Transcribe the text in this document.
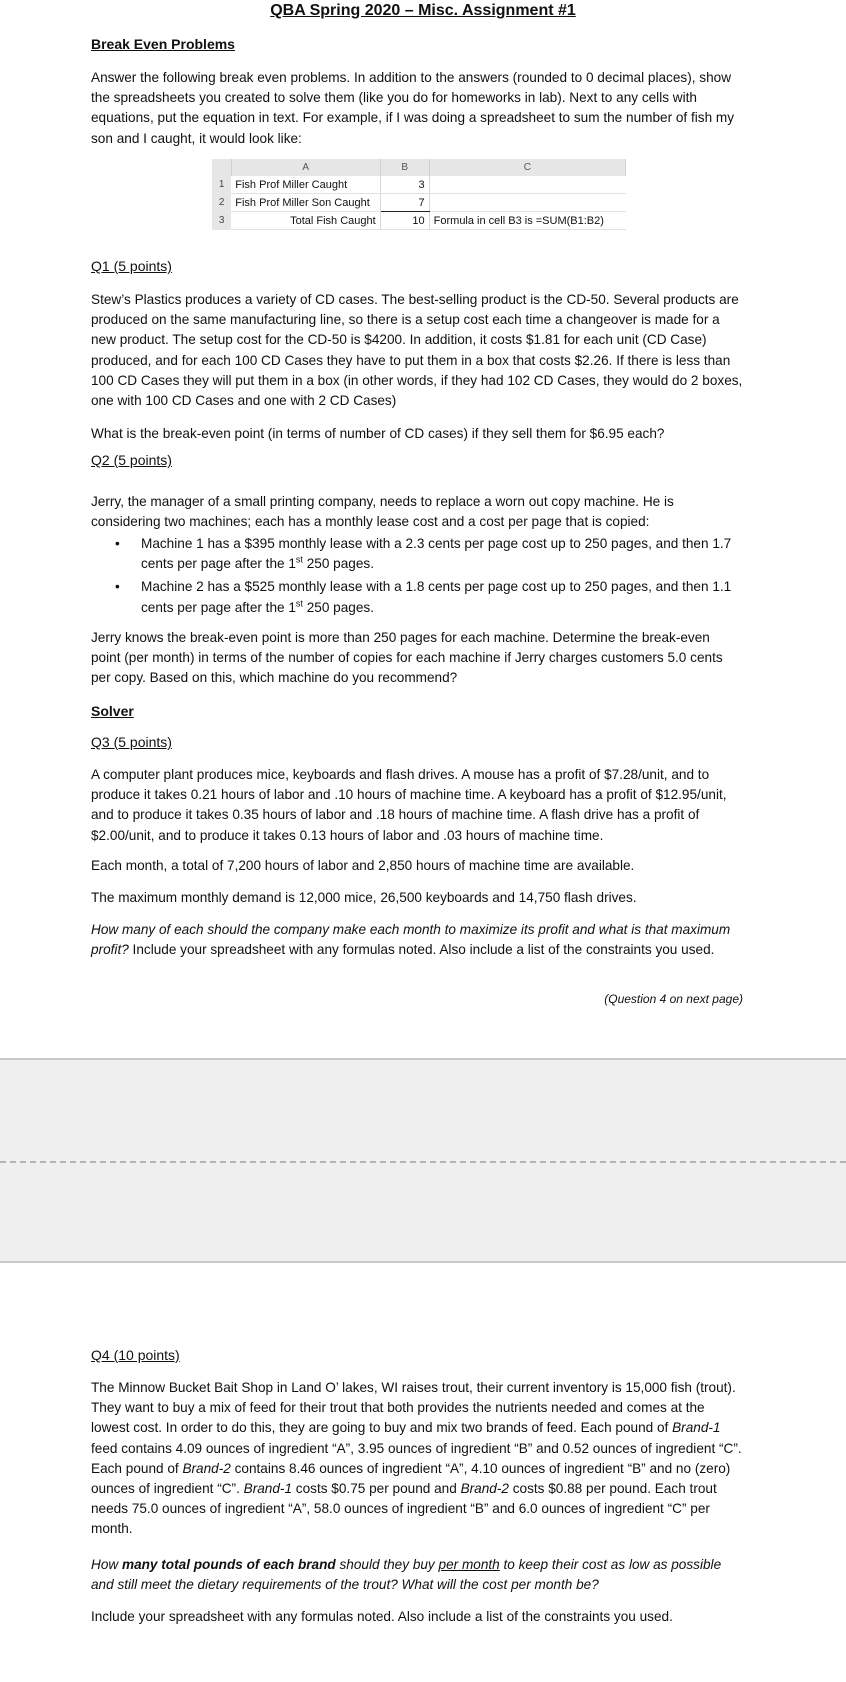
QBA Spring 2020 – Misc. Assignment #1
Break Even Problems

Answer the following break even problems. In addition to the answers (rounded to 0 decimal places), show the spreadsheets you created to solve them (like you do for homeworks in lab). Next to any cells with equations, put the equation in text. For example, if I was doing a spreadsheet to sum the number of fish my son and I caught, it would look like:

	A	B	C
1	Fish Prof Miller Caught	3	
2	Fish Prof Miller Son Caught	7	
3	Total Fish Caught	10	Formula in cell B3 is =SUM(B1:B2)
Q1 (5 points)

Stew’s Plastics produces a variety of CD cases. The best-selling product is the CD-50. Several products are produced on the same manufacturing line, so there is a setup cost each time a changeover is made for a new product. The setup cost for the CD-50 is $4200. In addition, it costs $1.81 for each unit (CD Case) produced, and for each 100 CD Cases they have to put them in a box that costs $2.26. If there is less than 100 CD Cases they will put them in a box (in other words, if they had 102 CD Cases, they would do 2 boxes, one with 100 CD Cases and one with 2 CD Cases)

What is the break-even point (in terms of number of CD cases) if they sell them for $6.95 each?

Q2 (5 points)

Jerry, the manager of a small printing company, needs to replace a worn out copy machine. He is considering two machines; each has a monthly lease cost and a cost per page that is copied:

• Machine 1 has a $395 monthly lease with a 2.3 cents per page cost up to 250 pages, and then 1.7 cents per page after the 1st 250 pages.
• Machine 2 has a $525 monthly lease with a 1.8 cents per page cost up to 250 pages, and then 1.1 cents per page after the 1st 250 pages.

Jerry knows the break-even point is more than 250 pages for each machine. Determine the break-even point (per month) in terms of the number of copies for each machine if Jerry charges customers 5.0 cents per copy. Based on this, which machine do you recommend?

Solver
Q3 (5 points)

A computer plant produces mice, keyboards and flash drives. A mouse has a profit of $7.28/unit, and to produce it takes 0.21 hours of labor and .10 hours of machine time. A keyboard has a profit of $12.95/unit, and to produce it takes 0.35 hours of labor and .18 hours of machine time. A flash drive has a profit of $2.00/unit, and to produce it takes 0.13 hours of labor and .03 hours of machine time.

Each month, a total of 7,200 hours of labor and 2,850 hours of machine time are available.

The maximum monthly demand is 12,000 mice, 26,500 keyboards and 14,750 flash drives.

How many of each should the company make each month to maximize its profit and what is that maximum profit? Include your spreadsheet with any formulas noted. Also include a list of the constraints you used.

(Question 4 on next page)
Q4 (10 points)

The Minnow Bucket Bait Shop in Land O’ lakes, WI raises trout, their current inventory is 15,000 fish (trout). They want to buy a mix of feed for their trout that both provides the nutrients needed and comes at the lowest cost. In order to do this, they are going to buy and mix two brands of feed. Each pound of Brand-1 feed contains 4.09 ounces of ingredient “A”, 3.95 ounces of ingredient “B” and 0.52 ounces of ingredient “C”. Each pound of Brand-2 contains 8.46 ounces of ingredient “A”, 4.10 ounces of ingredient “B” and no (zero) ounces of ingredient “C”. Brand-1 costs $0.75 per pound and Brand-2 costs $0.88 per pound. Each trout needs 75.0 ounces of ingredient “A”, 58.0 ounces of ingredient “B” and 6.0 ounces of ingredient “C” per month.

How many total pounds of each brand should they buy per month to keep their cost as low as possible and still meet the dietary requirements of the trout? What will the cost per month be?

Include your spreadsheet with any formulas noted. Also include a list of the constraints you used.
